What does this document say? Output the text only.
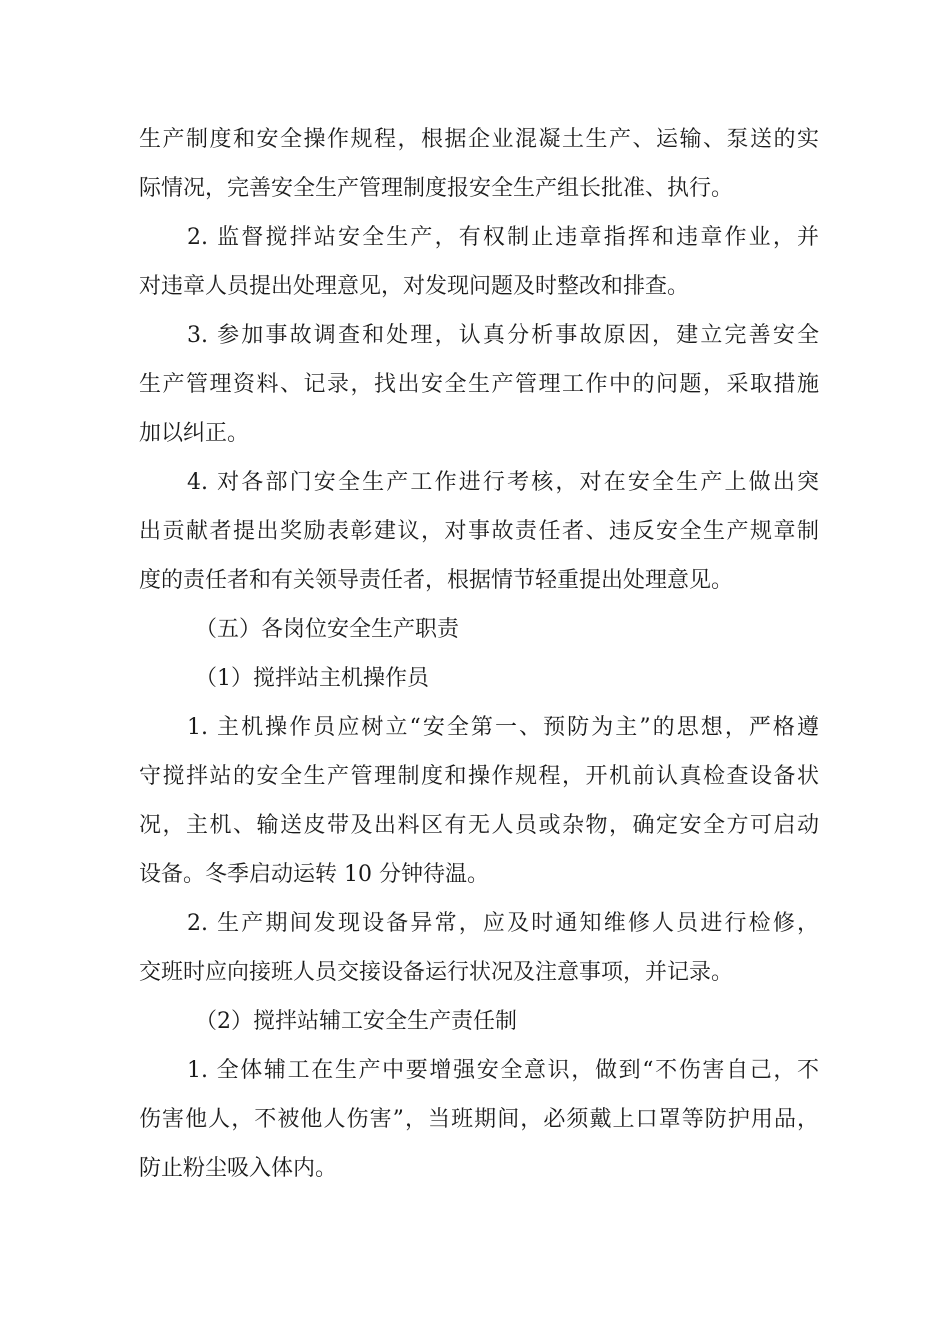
生产制度和安全操作规程，根据企业混凝土生产、运输、泵送的实
际情况，完善安全生产管理制度报安全生产组长批准、执行。
2. 监督搅拌站安全生产，有权制止违章指挥和违章作业，并
对违章人员提出处理意见，对发现问题及时整改和排查。
3. 参加事故调查和处理，认真分析事故原因，建立完善安全
生产管理资料、记录，找出安全生产管理工作中的问题，采取措施
加以纠正。
4. 对各部门安全生产工作进行考核，对在安全生产上做出突
出贡献者提出奖励表彰建议，对事故责任者、违反安全生产规章制
度的责任者和有关领导责任者，根据情节轻重提出处理意见。
（五）各岗位安全生产职责
（1）搅拌站主机操作员
1. 主机操作员应树立“安全第一、预防为主”的思想，严格遵
守搅拌站的安全生产管理制度和操作规程，开机前认真检查设备状
况，主机、输送皮带及出料区有无人员或杂物，确定安全方可启动
设备。冬季启动运转 10 分钟待温。
2. 生产期间发现设备异常，应及时通知维修人员进行检修，
交班时应向接班人员交接设备运行状况及注意事项，并记录。
（2）搅拌站辅工安全生产责任制
1. 全体辅工在生产中要增强安全意识，做到“不伤害自己，不
伤害他人，不被他人伤害”，当班期间，必须戴上口罩等防护用品，
防止粉尘吸入体内。
